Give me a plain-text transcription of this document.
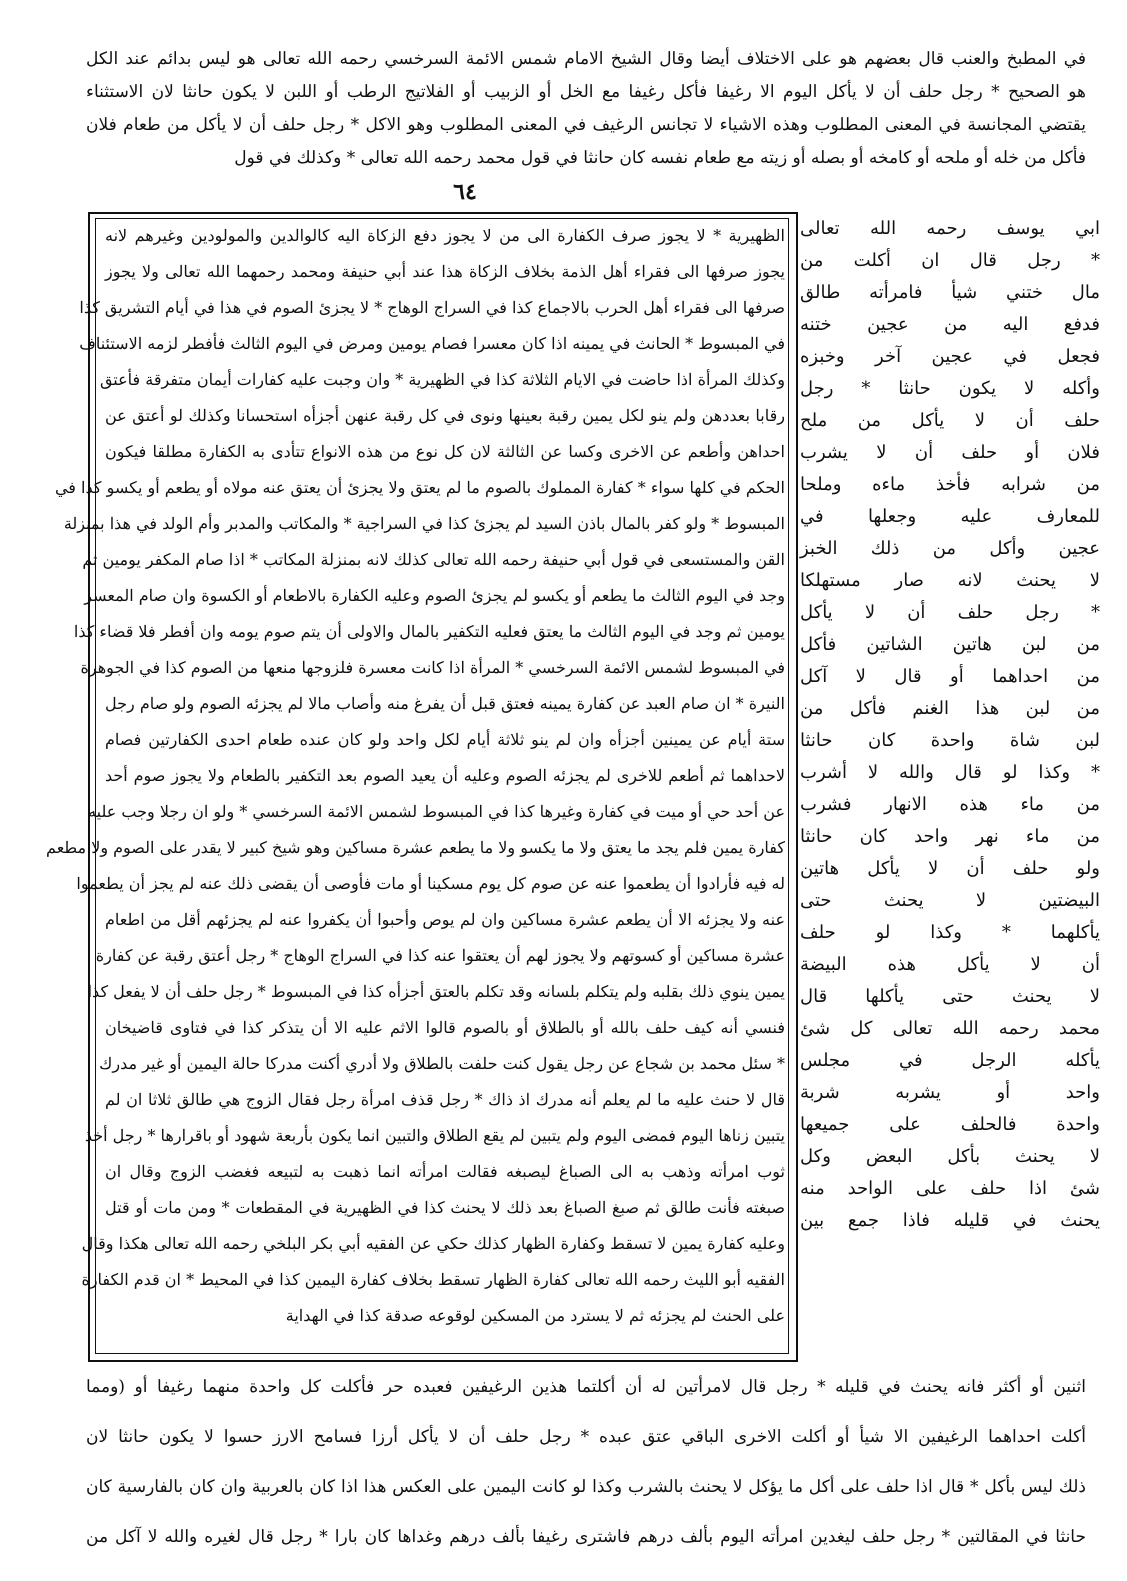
في المطبخ والعنب قال بعضهم هو على الاختلاف أيضا وقال الشيخ الامام شمس الائمة السرخسي رحمه الله تعالى هو ليس بدائم عند الكل
هو الصحيح * رجل حلف أن لا يأكل اليوم الا رغيفا فأكل رغيفا مع الخل أو الزبيب أو الفلاتيج الرطب أو اللبن لا يكون حانثا لان الاستثناء
يقتضي المجانسة في المعنى المطلوب وهذه الاشياء لا تجانس الرغيف في المعنى المطلوب وهو الاكل * رجل حلف أن لا يأكل من طعام فلان
فأكل من خله أو ملحه أو كامخه أو بصله أو زيته مع طعام نفسه كان حانثا في قول محمد رحمه الله تعالى * وكذلك في قول
٦٤
ابي يوسف رحمه الله تعالى
* رجل قال ان أكلت من
مال ختني شيأ فامرأته طالق
فدفع اليه من عجين ختنه
فجعل في عجين آخر وخبزه
وأكله لا يكون حانثا * رجل
حلف أن لا يأكل من ملح
فلان أو حلف أن لا يشرب
من شرابه فأخذ ماءه وملحا
للمعارف عليه وجعلها في
عجين وأكل من ذلك الخبز
لا يحنث لانه صار مستهلكا
* رجل حلف أن لا يأكل
من لبن هاتين الشاتين فأكل
من احداهما أو قال لا آكل
من لبن هذا الغنم فأكل من
لبن شاة واحدة كان حانثا
* وكذا لو قال والله لا أشرب
من ماء هذه الانهار فشرب
من ماء نهر واحد كان حانثا
ولو حلف أن لا يأكل هاتين
البيضتين لا يحنث حتى
يأكلهما * وكذا لو حلف
أن لا يأكل هذه البيضة
لا يحنث حتى يأكلها قال
محمد رحمه الله تعالى كل شئ
يأكله الرجل في مجلس
واحد أو يشربه شربة
واحدة فالحلف على جميعها
لا يحنث بأكل البعض وكل
شئ اذا حلف على الواحد منه
يحنث في قليله فاذا جمع بين
الظهيرية * لا يجوز صرف الكفارة الى من لا يجوز دفع الزكاة اليه كالوالدين والمولودين وغيرهم لانه
يجوز صرفها الى فقراء أهل الذمة بخلاف الزكاة هذا عند أبي حنيفة ومحمد رحمهما الله تعالى ولا يجوز
صرفها الى فقراء أهل الحرب بالاجماع كذا في السراج الوهاج * لا يجزئ الصوم في هذا في أيام التشريق كذا
في المبسوط * الحانث في يمينه اذا كان معسرا فصام يومين ومرض في اليوم الثالث فأفطر لزمه الاستئناف
وكذلك المرأة اذا حاضت في الايام الثلاثة كذا في الظهيرية * وان وجبت عليه كفارات أيمان متفرقة فأعتق
رقابا بعددهن ولم ينو لكل يمين رقبة بعينها ونوى في كل رقبة عنهن أجزأه استحسانا وكذلك لو أعتق عن
احداهن وأطعم عن الاخرى وكسا عن الثالثة لان كل نوع من هذه الانواع تتأدى به الكفارة مطلقا فيكون
الحكم في كلها سواء * كفارة المملوك بالصوم ما لم يعتق ولا يجزئ أن يعتق عنه مولاه أو يطعم أو يكسو كذا في
المبسوط * ولو كفر بالمال باذن السيد لم يجزئ كذا في السراجية * والمكاتب والمدبر وأم الولد في هذا بمنزلة
القن والمستسعى في قول أبي حنيفة رحمه الله تعالى كذلك لانه بمنزلة المكاتب * اذا صام المكفر يومين ثم
وجد في اليوم الثالث ما يطعم أو يكسو لم يجزئ الصوم وعليه الكفارة بالاطعام أو الكسوة وان صام المعسر
يومين ثم وجد في اليوم الثالث ما يعتق فعليه التكفير بالمال والاولى أن يتم صوم يومه وان أفطر فلا قضاء كذا
في المبسوط لشمس الائمة السرخسي * المرأة اذا كانت معسرة فلزوجها منعها من الصوم كذا في الجوهرة
النيرة * ان صام العبد عن كفارة يمينه فعتق قبل أن يفرغ منه وأصاب مالا لم يجزئه الصوم ولو صام رجل
ستة أيام عن يمينين أجزأه وان لم ينو ثلاثة أيام لكل واحد ولو كان عنده طعام احدى الكفارتين فصام
لاحداهما ثم أطعم للاخرى لم يجزئه الصوم وعليه أن يعيد الصوم بعد التكفير بالطعام ولا يجوز صوم أحد
عن أحد حي أو ميت في كفارة وغيرها كذا في المبسوط لشمس الائمة السرخسي * ولو ان رجلا وجب عليه
كفارة يمين فلم يجد ما يعتق ولا ما يكسو ولا ما يطعم عشرة مساكين وهو شيخ كبير لا يقدر على الصوم ولا مطعم
له فيه فأرادوا أن يطعموا عنه عن صوم كل يوم مسكينا أو مات فأوصى أن يقضى ذلك عنه لم يجز أن يطعموا
عنه ولا يجزئه الا أن يطعم عشرة مساكين وان لم يوص وأحبوا أن يكفروا عنه لم يجزئهم أقل من اطعام
عشرة مساكين أو كسوتهم ولا يجوز لهم أن يعتقوا عنه كذا في السراج الوهاج * رجل أعتق رقبة عن كفارة
يمين ينوي ذلك بقلبه ولم يتكلم بلسانه وقد تكلم بالعتق أجزأه كذا في المبسوط * رجل حلف أن لا يفعل كذا
فنسي أنه كيف حلف بالله أو بالطلاق أو بالصوم قالوا الاثم عليه الا أن يتذكر كذا في فتاوى قاضيخان
* سئل محمد بن شجاع عن رجل يقول كنت حلفت بالطلاق ولا أدري أكنت مدركا حالة اليمين أو غير مدرك
قال لا حنث عليه ما لم يعلم أنه مدرك اذ ذاك * رجل قذف امرأة رجل فقال الزوج هي طالق ثلاثا ان لم
يتبين زناها اليوم فمضى اليوم ولم يتبين لم يقع الطلاق والتبين انما يكون بأربعة شهود أو باقرارها * رجل أخذ
ثوب امرأته وذهب به الى الصباغ ليصبغه فقالت امرأته انما ذهبت به لتبيعه فغضب الزوج وقال ان
صبغته فأنت طالق ثم صبغ الصباغ بعد ذلك لا يحنث كذا في الظهيرية في المقطعات * ومن مات أو قتل
وعليه كفارة يمين لا تسقط وكفارة الظهار كذلك حكي عن الفقيه أبي بكر البلخي رحمه الله تعالى هكذا وقال
الفقيه أبو الليث رحمه الله تعالى كفارة الظهار تسقط بخلاف كفارة اليمين كذا في المحيط * ان قدم الكفارة
على الحنث لم يجزئه ثم لا يسترد من المسكين لوقوعه صدقة كذا في الهداية
اثنين أو أكثر فانه يحنث في قليله * رجل قال لامرأتين له أن أكلتما هذين الرغيفين فعبده حر فأكلت كل واحدة منهما رغيفا أو (ومما
أكلت احداهما الرغيفين الا شيأ أو أكلت الاخرى الباقي عتق عبده * رجل حلف أن لا يأكل أرزا فسامح الارز حسوا لا يكون حانثا لان
ذلك ليس بأكل * قال اذا حلف على أكل ما يؤكل لا يحنث بالشرب وكذا لو كانت اليمين على العكس هذا اذا كان بالعربية وان كان بالفارسية كان
حانثا في المقالتين * رجل حلف ليغدين امرأته اليوم بألف درهم فاشترى رغيفا بألف درهم وغداها كان بارا * رجل قال لغيره والله لا آكل من
